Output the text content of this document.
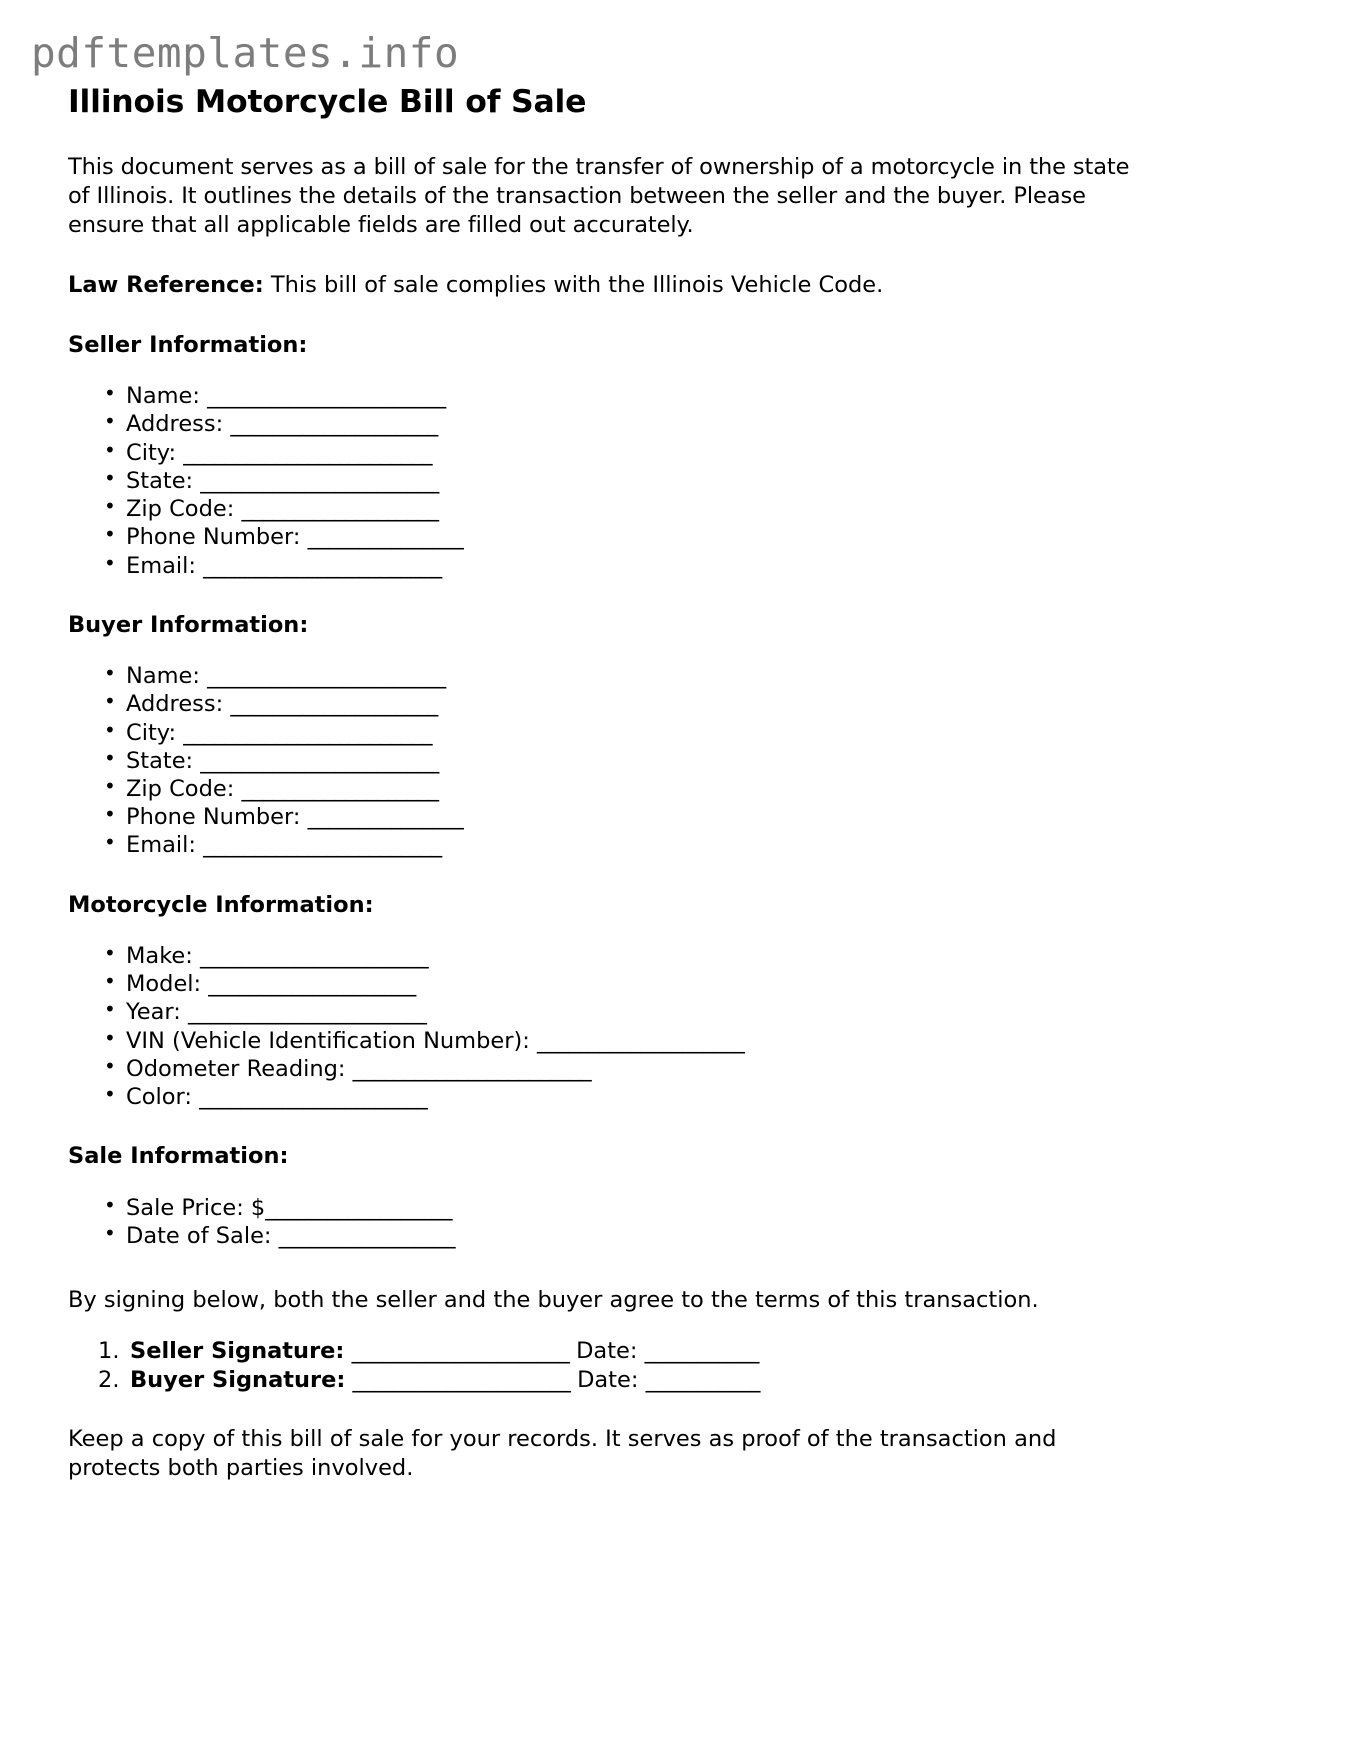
pdftemplates.info
Illinois Motorcycle Bill of Sale

This document serves as a bill of sale for the transfer of ownership of a motorcycle in the state of Illinois. It outlines the details of the transaction between the seller and the buyer. Please ensure that all applicable fields are filled out accurately.

Law Reference: This bill of sale complies with the Illinois Vehicle Code.

Seller Information:
• Name: _______________________
• Address: ____________________
• City: ________________________
• State: _______________________
• Zip Code: ___________________
• Phone Number: _______________
• Email: _______________________
Buyer Information:
• Name: _______________________
• Address: ____________________
• City: ________________________
• State: _______________________
• Zip Code: ___________________
• Phone Number: _______________
• Email: _______________________
Motorcycle Information:
• Make: ______________________
• Model: ____________________
• Year: _______________________
• VIN (Vehicle Identification Number): ____________________
• Odometer Reading: _______________________
• Color: ______________________
Sale Information:
• Sale Price: $__________________
• Date of Sale: _________________

By signing below, both the seller and the buyer agree to the terms of this transaction.

Seller Signature: _____________________ Date: ___________
Buyer Signature: _____________________ Date: ___________

Keep a copy of this bill of sale for your records. It serves as proof of the transaction and protects both parties involved.
